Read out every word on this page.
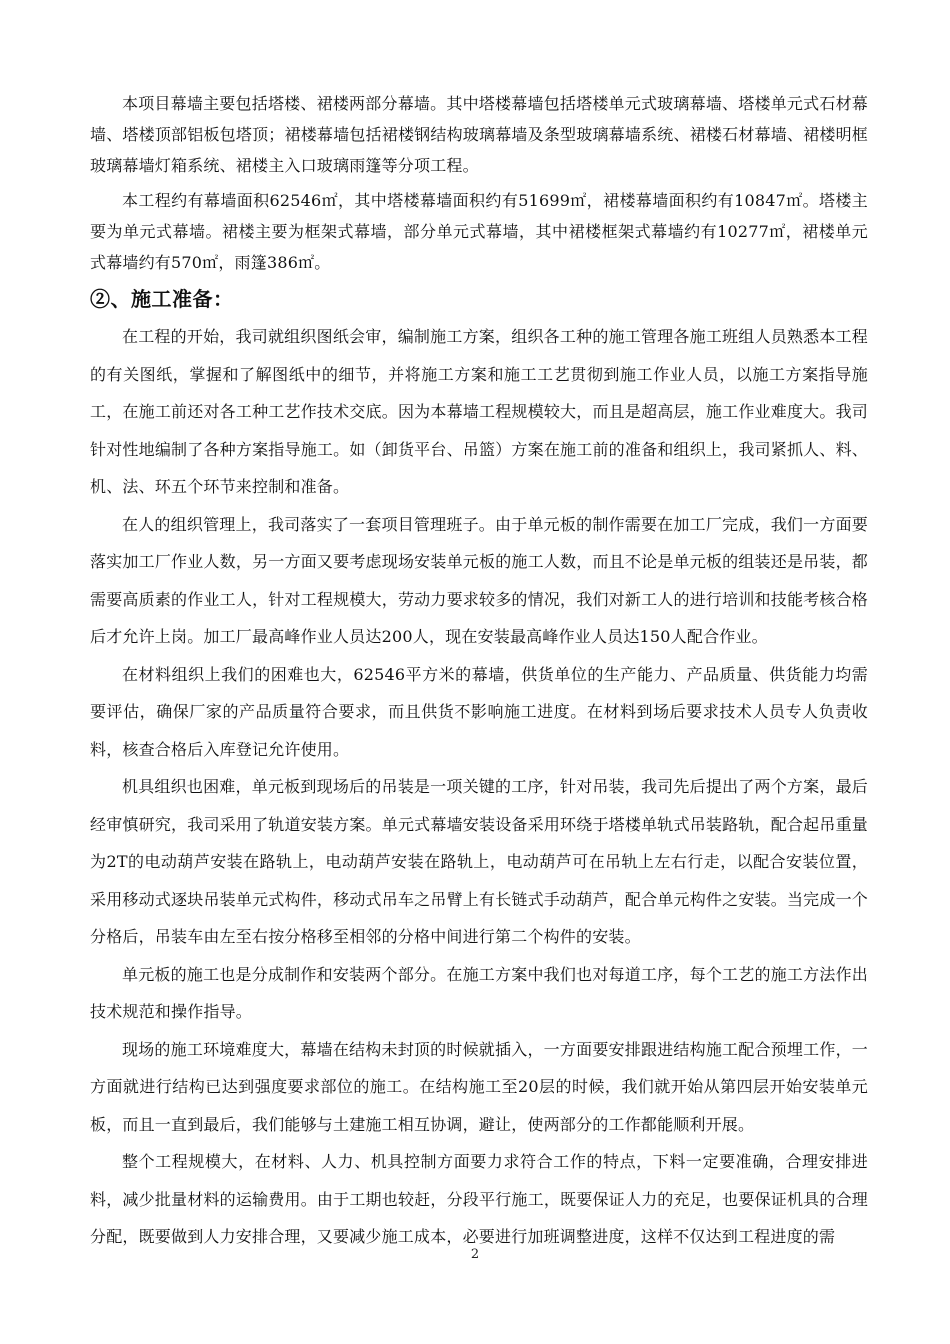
本项目幕墙主要包括塔楼、裙楼两部分幕墙。其中塔楼幕墙包括塔楼单元式玻璃幕墙、塔楼单元式石材幕墙、塔楼顶部铝板包塔顶；裙楼幕墙包括裙楼钢结构玻璃幕墙及条型玻璃幕墙系统、裙楼石材幕墙、裙楼明框玻璃幕墙灯箱系统、裙楼主入口玻璃雨篷等分项工程。

本工程约有幕墙面积62546㎡，其中塔楼幕墙面积约有51699㎡，裙楼幕墙面积约有10847㎡。塔楼主要为单元式幕墙。裙楼主要为框架式幕墙，部分单元式幕墙，其中裙楼框架式幕墙约有10277㎡，裙楼单元式幕墙约有570㎡，雨篷386㎡。

②、施工准备：

在工程的开始，我司就组织图纸会审，编制施工方案，组织各工种的施工管理各施工班组人员熟悉本工程的有关图纸，掌握和了解图纸中的细节，并将施工方案和施工工艺贯彻到施工作业人员，以施工方案指导施工，在施工前还对各工种工艺作技术交底。因为本幕墙工程规模较大，而且是超高层，施工作业难度大。我司针对性地编制了各种方案指导施工。如（卸货平台、吊篮）方案在施工前的准备和组织上，我司紧抓人、料、机、法、环五个环节来控制和准备。

在人的组织管理上，我司落实了一套项目管理班子。由于单元板的制作需要在加工厂完成，我们一方面要落实加工厂作业人数，另一方面又要考虑现场安装单元板的施工人数，而且不论是单元板的组装还是吊装，都需要高质素的作业工人，针对工程规模大，劳动力要求较多的情况，我们对新工人的进行培训和技能考核合格后才允许上岗。加工厂最高峰作业人员达200人，现在安装最高峰作业人员达150人配合作业。

在材料组织上我们的困难也大，62546平方米的幕墙，供货单位的生产能力、产品质量、供货能力均需要评估，确保厂家的产品质量符合要求，而且供货不影响施工进度。在材料到场后要求技术人员专人负责收料，核查合格后入库登记允许使用。

机具组织也困难，单元板到现场后的吊装是一项关键的工序，针对吊装，我司先后提出了两个方案，最后经审慎研究，我司采用了轨道安装方案。单元式幕墙安装设备采用环绕于塔楼单轨式吊装路轨，配合起吊重量为2T的电动葫芦安装在路轨上，电动葫芦安装在路轨上，电动葫芦可在吊轨上左右行走，以配合安装位置，采用移动式逐块吊装单元式构件，移动式吊车之吊臂上有长链式手动葫芦，配合单元构件之安装。当完成一个分格后，吊装车由左至右按分格移至相邻的分格中间进行第二个构件的安装。

单元板的施工也是分成制作和安装两个部分。在施工方案中我们也对每道工序，每个工艺的施工方法作出技术规范和操作指导。

现场的施工环境难度大，幕墙在结构未封顶的时候就插入，一方面要安排跟进结构施工配合预埋工作，一方面就进行结构已达到强度要求部位的施工。在结构施工至20层的时候，我们就开始从第四层开始安装单元板，而且一直到最后，我们能够与土建施工相互协调，避让，使两部分的工作都能顺利开展。

整个工程规模大，在材料、人力、机具控制方面要力求符合工作的特点，下料一定要准确，合理安排进料，减少批量材料的运输费用。由于工期也较赶，分段平行施工，既要保证人力的充足，也要保证机具的合理分配，既要做到人力安排合理，又要减少施工成本，必要进行加班调整进度，这样不仅达到工程进度的需

2
